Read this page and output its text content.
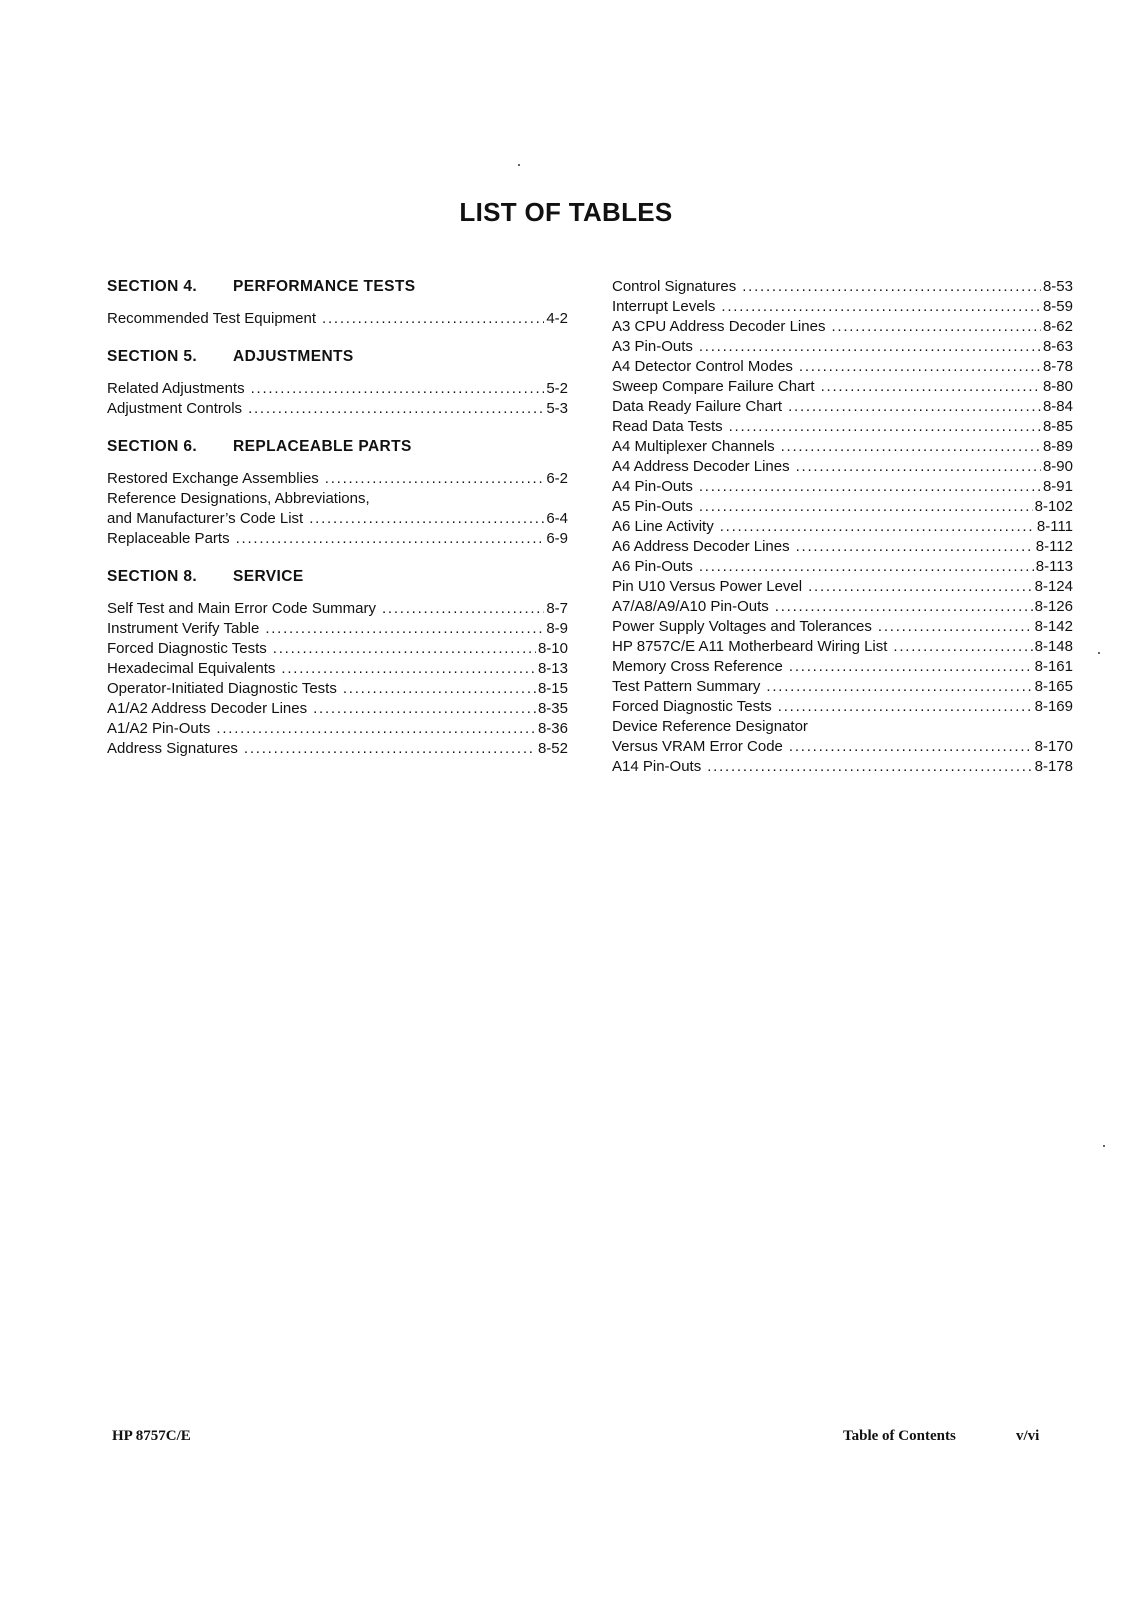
LIST OF TABLES
SECTION 4. PERFORMANCE TESTS
Recommended Test Equipment . . .	4-2
SECTION 5. ADJUSTMENTS
Related Adjustments . . .	5-2
Adjustment Controls . . .	5-3
SECTION 6. REPLACEABLE PARTS
Restored Exchange Assemblies . . .	6-2
Reference Designations, Abbreviations,
and Manufacturer’s Code List . . .	6-4
Replaceable Parts . . .	6-9
SECTION 8. SERVICE
Self Test and Main Error Code Summary . . .	8-7
Instrument Verify Table . . .	8-9
Forced Diagnostic Tests . . .	8-10
Hexadecimal Equivalents . . .	8-13
Operator-Initiated Diagnostic Tests . . .	8-15
A1/A2 Address Decoder Lines . . .	8-35
A1/A2 Pin-Outs . . .	8-36
Address Signatures . . .	8-52
Control Signatures . . .	8-53
Interrupt Levels . . .	8-59
A3 CPU Address Decoder Lines . . .	8-62
A3 Pin-Outs . . .	8-63
A4 Detector Control Modes . . .	8-78
Sweep Compare Failure Chart . . .	8-80
Data Ready Failure Chart . . .	8-84
Read Data Tests . . .	8-85
A4 Multiplexer Channels . . .	8-89
A4 Address Decoder Lines . . .	8-90
A4 Pin-Outs . . .	8-91
A5 Pin-Outs . . .	8-102
A6 Line Activity . . .	8-111
A6 Address Decoder Lines . . .	8-112
A6 Pin-Outs . . .	8-113
Pin U10 Versus Power Level . . .	8-124
A7/A8/A9/A10 Pin-Outs . . .	8-126
Power Supply Voltages and Tolerances . . .	8-142
HP 8757C/E A11 Motherbeard Wiring List . . .	8-148
Memory Cross Reference . . .	8-161
Test Pattern Summary . . .	8-165
Forced Diagnostic Tests . . .	8-169
Device Reference Designator
Versus VRAM Error Code . . .	8-170
A14 Pin-Outs . . .	8-178
HP 8757C/E	Table of Contents	v/vi
